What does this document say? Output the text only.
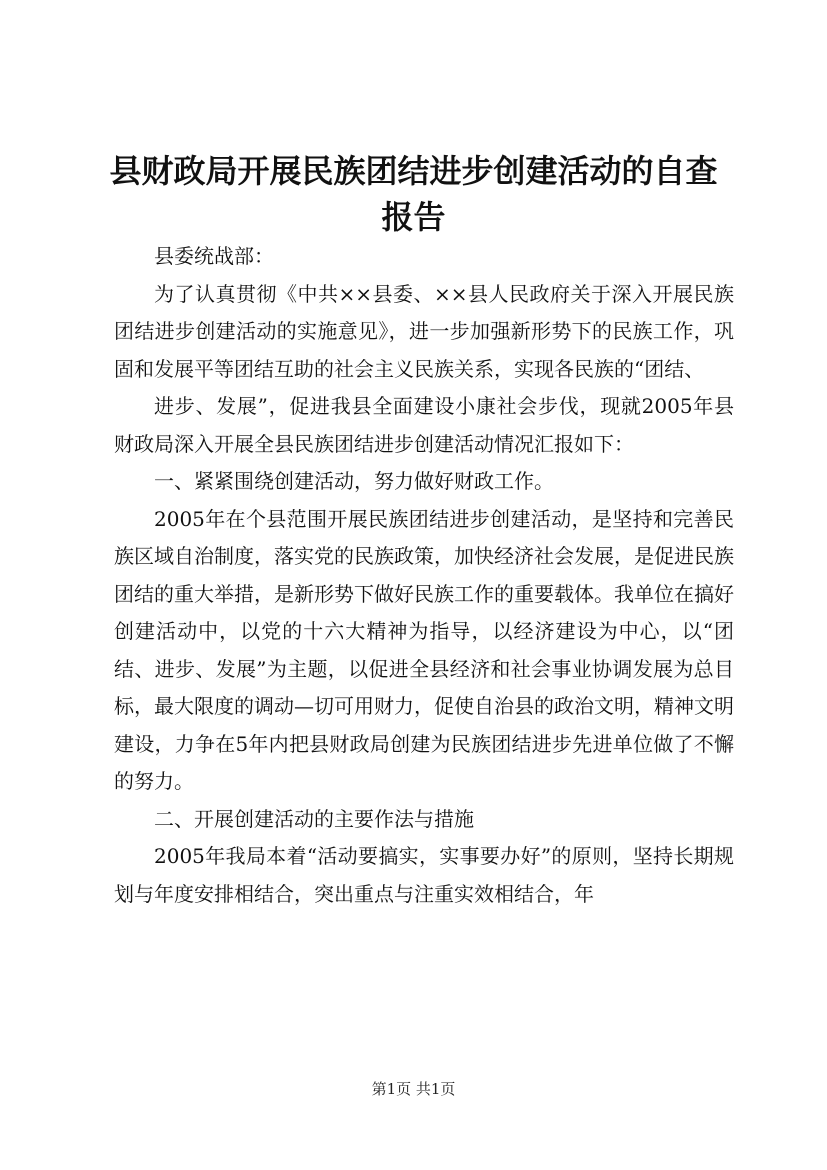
县财政局开展民族团结进步创建活动的自查报告

县委统战部：

为了认真贯彻《中共××县委、××县人民政府关于深入开展民族团结进步创建活动的实施意见》，进一步加强新形势下的民族工作，巩固和发展平等团结互助的社会主义民族关系，实现各民族的“团结、

进步、发展”，促进我县全面建设小康社会步伐，现就2005年县财政局深入开展全县民族团结进步创建活动情况汇报如下：

一、紧紧围绕创建活动，努力做好财政工作。

2005年在个县范围开展民族团结进步创建活动，是坚持和完善民族区域自治制度，落实党的民族政策，加快经济社会发展，是促进民族团结的重大举措，是新形势下做好民族工作的重要载体。我单位在搞好创建活动中，以党的十六大精神为指导，以经济建设为中心，以“团结、进步、发展”为主题，以促进全县经济和社会事业协调发展为总目标，最大限度的调动—切可用财力，促使自治县的政治文明，精神文明建设，力争在5年内把县财政局创建为民族团结进步先进单位做了不懈的努力。

二、开展创建活动的主要作法与措施

2005年我局本着“活动要搞实，实事要办好”的原则，坚持长期规划与年度安排相结合，突出重点与注重实效相结合，年

第1页 共1页
